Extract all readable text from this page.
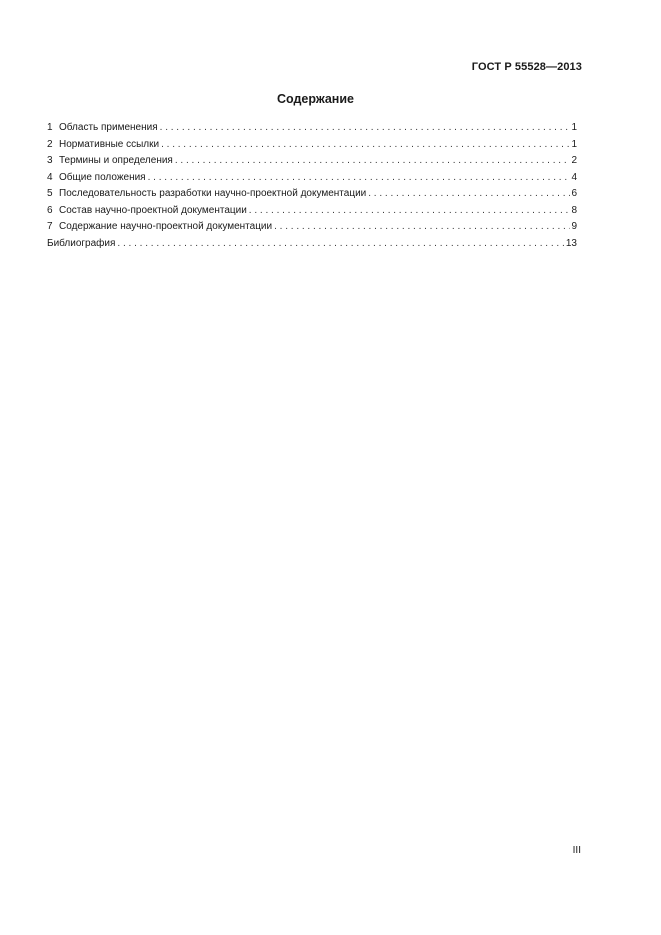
ГОСТ Р 55528—2013
Содержание
1 Область применения . . .	1
2 Нормативные ссылки . . .	1
3 Термины и определения . . .	2
4 Общие положения . . .	4
5 Последовательность разработки научно-проектной документации . . .	6
6 Состав научно-проектной документации . . .	8
7 Содержание научно-проектной документации . . .	9
Библиография . . .	13
III
